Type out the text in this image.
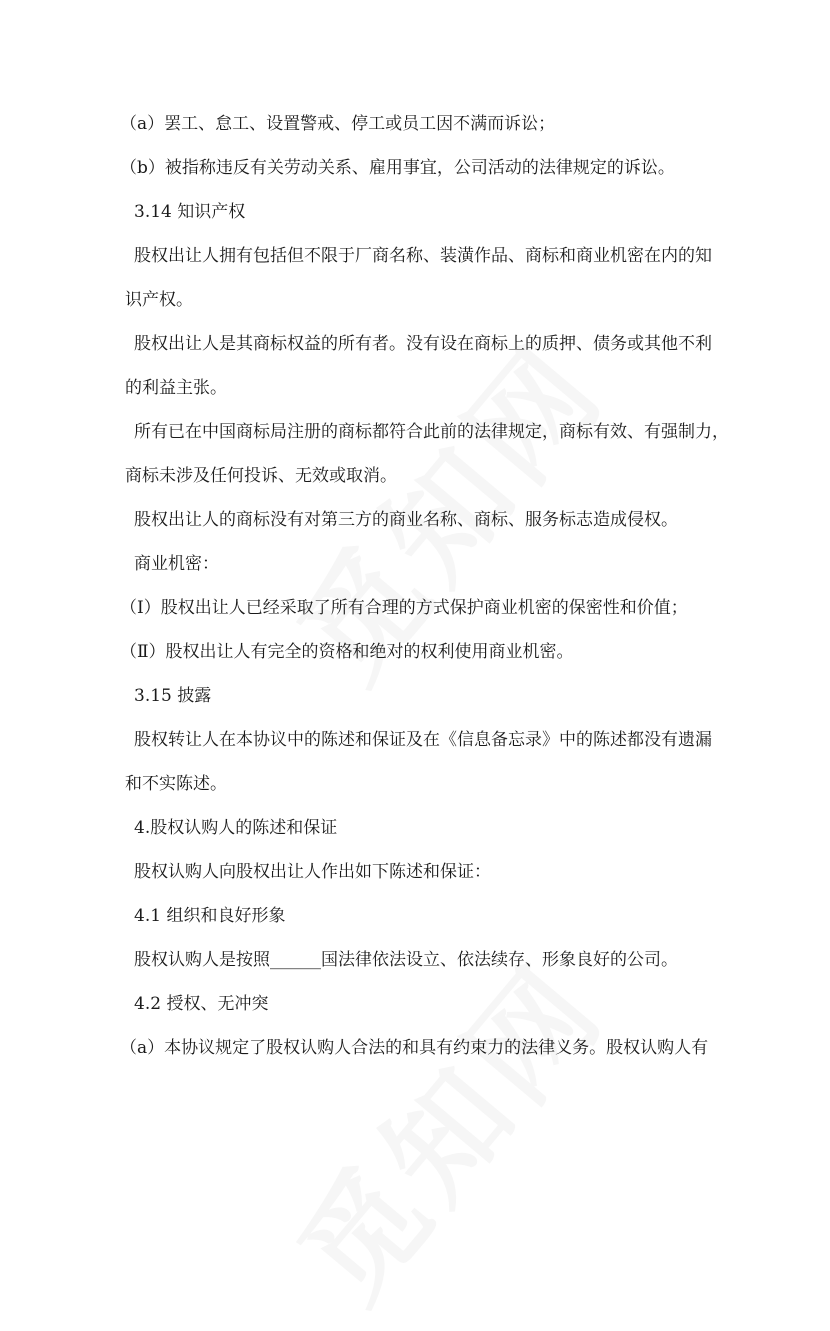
（a）罢工、怠工、设置警戒、停工或员工因不满而诉讼；
（b）被指称违反有关劳动关系、雇用事宜，公司活动的法律规定的诉讼。
3.14 知识产权
股权出让人拥有包括但不限于厂商名称、装潢作品、商标和商业机密在内的知
识产权。
股权出让人是其商标权益的所有者。没有设在商标上的质押、债务或其他不利
的利益主张。
所有已在中国商标局注册的商标都符合此前的法律规定，商标有效、有强制力，
商标未涉及任何投诉、无效或取消。
股权出让人的商标没有对第三方的商业名称、商标、服务标志造成侵权。
商业机密：
（Ⅰ）股权出让人已经采取了所有合理的方式保护商业机密的保密性和价值；
（Ⅱ）股权出让人有完全的资格和绝对的权利使用商业机密。
3.15 披露
股权转让人在本协议中的陈述和保证及在《信息备忘录》中的陈述都没有遗漏
和不实陈述。
4.股权认购人的陈述和保证
股权认购人向股权出让人作出如下陈述和保证：
4.1 组织和良好形象
股权认购人是按照______国法律依法设立、依法续存、形象良好的公司。
4.2 授权、无冲突
（a）本协议规定了股权认购人合法的和具有约束力的法律义务。股权认购人有
